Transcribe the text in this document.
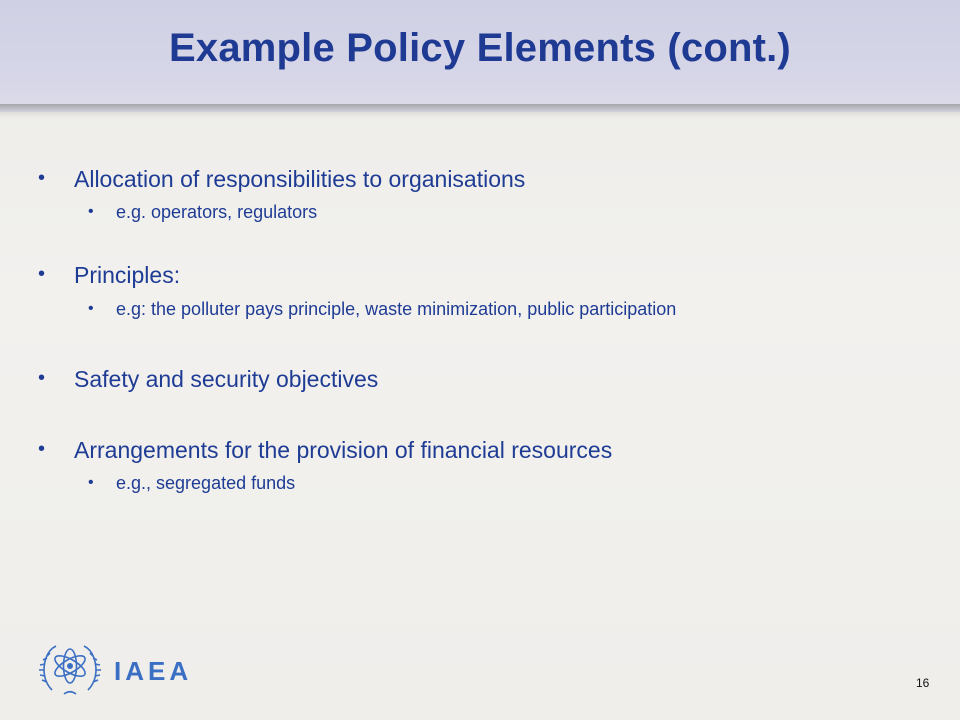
Example Policy Elements (cont.)
• Allocation of responsibilities to organisations
• e.g. operators, regulators
• Principles:
• e.g: the polluter pays principle, waste minimization, public participation
• Safety and security objectives
• Arrangements for the provision of financial resources
• e.g., segregated funds
IAEA	16
